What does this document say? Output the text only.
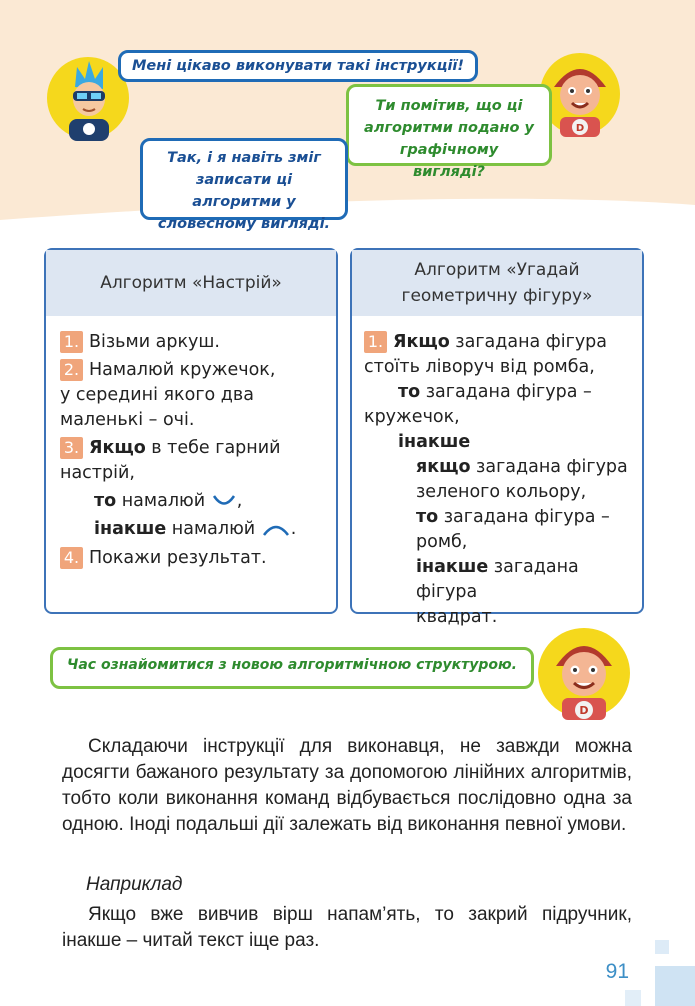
D
Мені цікаво виконувати такі інструкції!
Ти помітив, що ці алгоритми подано у графічному вигляді?
Так, і я навіть зміг записати ці алгоритми у словесному вигляді.
Алгоритм «Настрій»
1. Візьми аркуш.
2. Намалюй кружечок,
у середині якого два
маленькі – очі.
3. Якщо в тебе гарний
настрій,
то намалюй ,
інакше намалюй .
4. Покажи результат.
Алгоритм «Угадай
геометричну фігуру»
1. Якщо загадана фігура
стоїть ліворуч від ромба,
то загадана фігура –
кружечок,
інакше
якщо загадана фігура
зеленого кольору,
то загадана фігура –
ромб,
інакше загадана фігура
квадрат.
Час ознайомитися з новою алгоритмічною структурою.
D
Складаючи інструкції для виконавця, не завжди можна досягти бажаного результату за допомогою лінійних алгоритмів, тобто коли виконання команд відбувається послідовно одна за одною. Іноді подальші дії залежать від виконання певної умови.
Наприклад
Якщо вже вивчив вірш напам’ять, то закрий підручник, інакше – читай текст іще раз.
91
